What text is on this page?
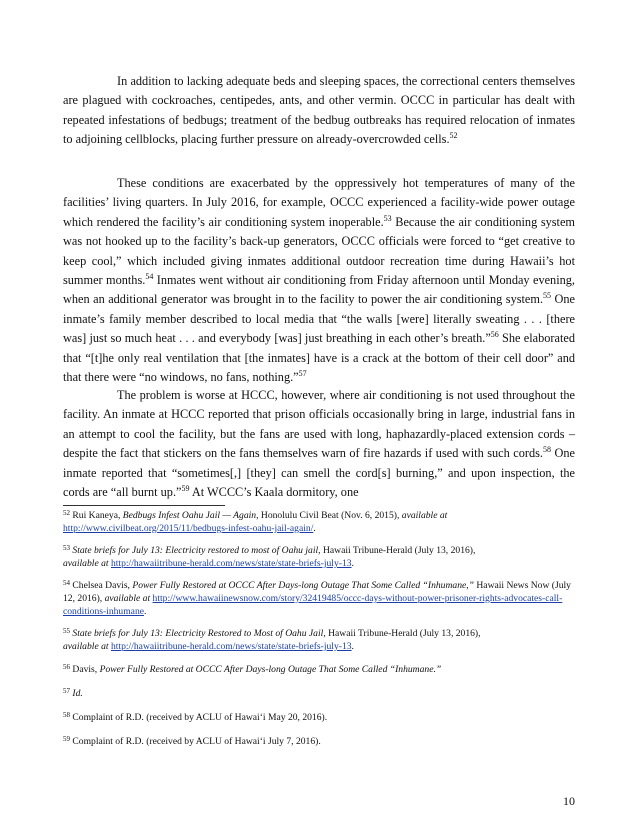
In addition to lacking adequate beds and sleeping spaces, the correctional centers themselves are plagued with cockroaches, centipedes, ants, and other vermin. OCCC in particular has dealt with repeated infestations of bedbugs; treatment of the bedbug outbreaks has required relocation of inmates to adjoining cellblocks, placing further pressure on already-overcrowded cells.$^{52}$

These conditions are exacerbated by the oppressively hot temperatures of many of the facilities’ living quarters. In July 2016, for example, OCCC experienced a facility-wide power outage which rendered the facility’s air conditioning system inoperable.$^{53}$ Because the air conditioning system was not hooked up to the facility’s back-up generators, OCCC officials were forced to “get creative to keep cool,” which included giving inmates additional outdoor recreation time during Hawaii’s hot summer months.$^{54}$ Inmates went without air conditioning from Friday afternoon until Monday evening, when an additional generator was brought in to the facility to power the air conditioning system.$^{55}$ One inmate’s family member described to local media that “the walls [were] literally sweating . . . [there was] just so much heat . . . and everybody [was] just breathing in each other’s breath.”$^{56}$ She elaborated that “[t]he only real ventilation that [the inmates] have is a crack at the bottom of their cell door” and that there were “no windows, no fans, nothing.”$^{57}$

The problem is worse at HCCC, however, where air conditioning is not used throughout the facility. An inmate at HCCC reported that prison officials occasionally bring in large, industrial fans in an attempt to cool the facility, but the fans are used with long, haphazardly-placed extension cords – despite the fact that stickers on the fans themselves warn of fire hazards if used with such cords.$^{58}$ One inmate reported that “sometimes[,] [they] can smell the cord[s] burning,” and upon inspection, the cords are “all burnt up.”$^{59}$ At WCCC’s Kaala dormitory, one

$^{52}$ Rui Kaneya, Bedbugs Infest Oahu Jail — Again, Honolulu Civil Beat (Nov. 6, 2015), available at
http://www.civilbeat.org/2015/11/bedbugs-infest-oahu-jail-again/.

$^{53}$ State briefs for July 13: Electricity restored to most of Oahu jail, Hawaii Tribune-Herald (July 13, 2016),
available at http://hawaiitribune-herald.com/news/state/state-briefs-july-13.

$^{54}$ Chelsea Davis, Power Fully Restored at OCCC After Days-long Outage That Some Called “Inhumane,” Hawaii News Now (July 12, 2016), available at http://www.hawaiinewsnow.com/story/32419485/occc-days-without-power-prisoner-rights-advocates-call-conditions-inhumane.

$^{55}$ State briefs for July 13: Electricity Restored to Most of Oahu Jail, Hawaii Tribune-Herald (July 13, 2016),
available at http://hawaiitribune-herald.com/news/state/state-briefs-july-13.

$^{56}$ Davis, Power Fully Restored at OCCC After Days-long Outage That Some Called “Inhumane.”

$^{57}$ Id.

$^{58}$ Complaint of R.D. (received by ACLU of Hawai‘i May 20, 2016).

$^{59}$ Complaint of R.D. (received by ACLU of Hawai‘i July 7, 2016).

10
